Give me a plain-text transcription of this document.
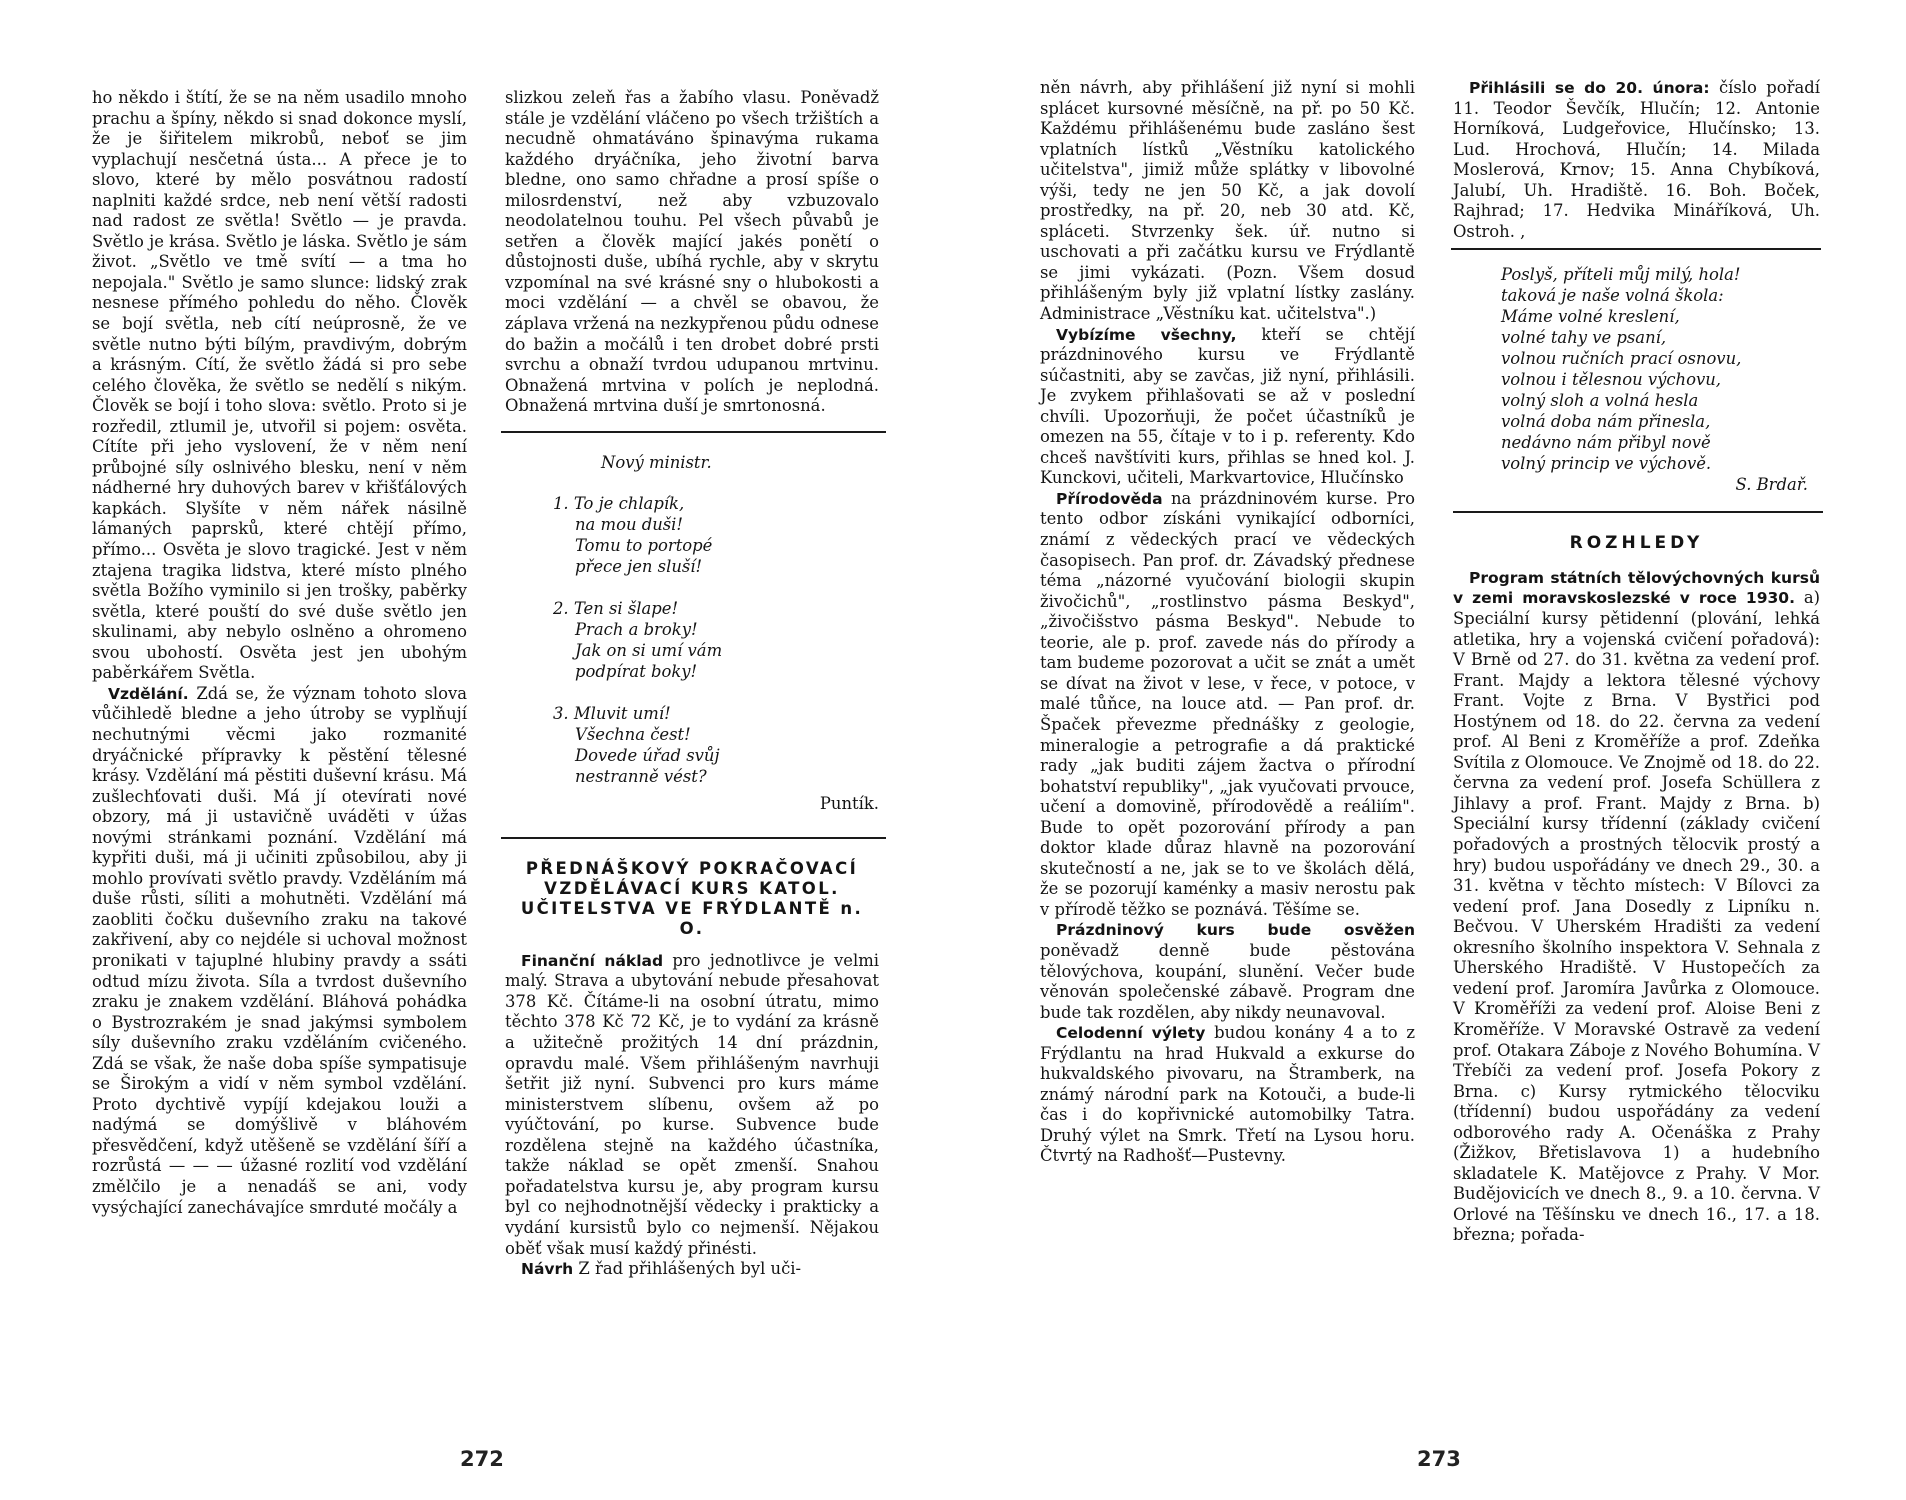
ho někdo i štítí, že se na něm usadilo mnoho prachu a špíny, někdo si snad dokonce myslí, že je šiřitelem mikrobů, neboť se jim vyplachují nesčetná ústa... A přece je to slovo, které by mělo posvátnou radostí naplniti každé srdce, neb není větší radosti nad radost ze světla! Světlo — je pravda. Světlo je krása. Světlo je láska. Světlo je sám život. „Světlo ve tmě svítí — a tma ho nepojala." Světlo je samo slunce: lidský zrak nesnese přímého pohledu do něho. Člověk se bojí světla, neb cítí neúprosně, že ve světle nutno býti bílým, pravdivým, dobrým a krásným. Cítí, že světlo žádá si pro sebe celého člověka, že světlo se nedělí s nikým. Člověk se bojí i toho slova: světlo. Proto si je rozředil, ztlumil je, utvořil si pojem: osvěta. Cítíte při jeho vyslovení, že v něm není průbojné síly oslnivého blesku, není v něm nádherné hry duhových barev v křišťálových kapkách. Slyšíte v něm nářek násilně lámaných paprsků, které chtějí přímo, přímo... Osvěta je slovo tragické. Jest v něm ztajena tragika lidstva, které místo plného světla Božího vyminilo si jen trošky, paběrky světla, které pouští do své duše světlo jen skulinami, aby nebylo oslněno a ohromeno svou ubohostí. Osvěta jest jen ubohým paběrkářem Světla.

Vzdělání. Zdá se, že význam tohoto slova vůčihledě bledne a jeho útroby se vyplňují nechutnými věcmi jako rozmanité dryáčnické přípravky k pěstění tělesné krásy. Vzdělání má pěstiti duševní krásu. Má zušlechťovati duši. Má jí otevírati nové obzory, má ji ustavičně uváděti v úžas novými stránkami poznání. Vzdělání má kypřiti duši, má ji učiniti způsobilou, aby ji mohlo provívati světlo pravdy. Vzděláním má duše růsti, síliti a mohutněti. Vzdělání má zaobliti čočku duševního zraku na takové zakřivení, aby co nejdéle si uchoval možnost pronikati v tajuplné hlubiny pravdy a ssáti odtud mízu života. Síla a tvrdost duševního zraku je znakem vzdělání. Bláhová pohádka o Bystrozrakém je snad jakýmsi symbolem síly duševního zraku vzděláním cvičeného. Zdá se však, že naše doba spíše sympatisuje se Širokým a vidí v něm symbol vzdělání. Proto dychtivě vypíjí kdejakou louži a nadýmá se domýšlivě v bláhovém přesvědčení, když utěšeně se vzdělání šíří a rozrůstá — — — úžasné rozlití vod vzdělání změlčilo je a nenadáš se ani, vody vysýchající zanechávajíce smrduté močály a

slizkou zeleň řas a žabího vlasu. Poněvadž stále je vzdělání vláčeno po všech tržištích a necudně ohmatáváno špinavýma rukama každého dryáčníka, jeho životní barva bledne, ono samo chřadne a prosí spíše o milosrdenství, než aby vzbuzovalo neodolatelnou touhu. Pel všech půvabů je setřen a člověk mající jakés ponětí o důstojnosti duše, ubíhá rychle, aby v skrytu vzpomínal na své krásné sny o hlubokosti a moci vzdělání — a chvěl se obavou, že záplava vržená na nezkypřenou půdu odnese do bažin a močálů i ten drobet dobré prsti svrchu a obnaží tvrdou udupanou mrtvinu. Obnažená mrtvina v polích je neplodná. Obnažená mrtvina duší je smrtonosná.

Nový ministr.
1. To je chlapík,
na mou duši!
Tomu to portopé
přece jen sluší!
2. Ten si šlape!
Prach a broky!
Jak on si umí vám
podpírat boky!
3. Mluvit umí!
Všechna čest!
Dovede úřad svůj
nestranně vést?
Puntík.
PŘEDNÁŠKOVÝ POKRAČOVACÍ VZDĚLÁVACÍ KURS KATOL. UČITELSTVA VE FRÝDLANTĚ n. O.

Finanční náklad pro jednotlivce je velmi malý. Strava a ubytování nebude přesahovat 378 Kč. Čítáme-li na osobní útratu, mimo těchto 378 Kč 72 Kč, je to vydání za krásně a užitečně prožitých 14 dní prázdnin, opravdu malé. Všem přihlášeným navrhuji šetřit již nyní. Subvenci pro kurs máme ministerstvem slíbenu, ovšem až po vyúčtování, po kurse. Subvence bude rozdělena stejně na každého účastníka, takže náklad se opět zmenší. Snahou pořadatelstva kursu je, aby program kursu byl co nejhodnotnější vědecky i prakticky a vydání kursistů bylo co nejmenší. Nějakou oběť však musí každý přinésti.

Návrh Z řad přihlášených byl uči-

272

něn návrh, aby přihlášení již nyní si mohli splácet kursovné měsíčně, na př. po 50 Kč. Každému přihlášenému bude zasláno šest vplatních lístků „Věstníku katolického učitelstva", jimiž může splátky v libovolné výši, tedy ne jen 50 Kč, a jak dovolí prostředky, na př. 20, neb 30 atd. Kč, spláceti. Stvrzenky šek. úř. nutno si uschovati a při začátku kursu ve Frýdlantě se jimi vykázati. (Pozn. Všem dosud přihlášeným byly již vplatní lístky zaslány. Administrace „Věstníku kat. učitelstva".)

Vybízíme všechny, kteří se chtějí prázdninového kursu ve Frýdlantě súčastniti, aby se zavčas, již nyní, přihlásili. Je zvykem přihlašovati se až v poslední chvíli. Upozorňuji, že počet účastníků je omezen na 55, čítaje v to i p. referenty. Kdo chceš navštíviti kurs, přihlas se hned kol. J. Kunckovi, učiteli, Markvartovice, Hlučínsko

Přírodověda na prázdninovém kurse. Pro tento odbor získáni vynikající odborníci, známí z vědeckých prací ve vědeckých časopisech. Pan prof. dr. Závadský přednese téma „názorné vyučování biologii skupin živočichů", „rostlinstvo pásma Beskyd", „živočišstvo pásma Beskyd". Nebude to teorie, ale p. prof. zavede nás do přírody a tam budeme pozorovat a učit se znát a umět se dívat na život v lese, v řece, v potoce, v malé tůňce, na louce atd. — Pan prof. dr. Špaček převezme přednášky z geologie, mineralogie a petrografie a dá praktické rady „jak buditi zájem žactva o přírodní bohatství republiky", „jak vyučovati prvouce, učení a domovině, přírodovědě a reáliím". Bude to opět pozorování přírody a pan doktor klade důraz hlavně na pozorování skutečností a ne, jak se to ve školách dělá, že se pozorují kaménky a masiv nerostu pak v přírodě těžko se poznává. Těšíme se.

Prázdninový kurs bude osvěžen poněvadž denně bude pěstována tělovýchova, koupání, slunění. Večer bude věnován společenské zábavě. Program dne bude tak rozdělen, aby nikdy neunavoval.

Celodenní výlety budou konány 4 a to z Frýdlantu na hrad Hukvald a exkurse do hukvaldského pivovaru, na Štramberk, na známý národní park na Kotouči, a bude-li čas i do kopřivnické automobilky Tatra. Druhý výlet na Smrk. Třetí na Lysou horu. Čtvrtý na Radhošť—Pustevny.

Přihlásili se do 20. února: číslo pořadí 11. Teodor Ševčík, Hlučín; 12. Antonie Horníková, Ludgeřovice, Hlučínsko; 13. Lud. Hrochová, Hlučín; 14. Milada Moslerová, Krnov; 15. Anna Chybíková, Jalubí, Uh. Hradiště. 16. Boh. Boček, Rajhrad; 17. Hedvika Mináříková, Uh. Ostroh. ,

Poslyš, příteli můj milý, hola!
taková je naše volná škola:
Máme volné kreslení,
volné tahy ve psaní,
volnou ručních prací osnovu,
volnou i tělesnou výchovu,
volný sloh a volná hesla
volná doba nám přinesla,
nedávno nám přibyl nově
volný princip ve výchově.
S. Brdař.
ROZHLEDY

Program státních tělovýchovných kursů v zemi moravskoslezské v roce 1930. a) Speciální kursy pětidenní (plování, lehká atletika, hry a vojenská cvičení pořadová): V Brně od 27. do 31. května za vedení prof. Frant. Majdy a lektora tělesné výchovy Frant. Vojte z Brna. V Bystřici pod Hostýnem od 18. do 22. června za vedení prof. Al Beni z Kroměříže a prof. Zdeňka Svítila z Olomouce. Ve Znojmě od 18. do 22. června za vedení prof. Josefa Schüllera z Jihlavy a prof. Frant. Majdy z Brna. b) Speciální kursy třídenní (základy cvičení pořadových a prostných tělocvik prostý a hry) budou uspořádány ve dnech 29., 30. a 31. května v těchto místech: V Bílovci za vedení prof. Jana Dosedly z Lipníku n. Bečvou. V Uherském Hradišti za vedení okresního školního inspektora V. Sehnala z Uherského Hradiště. V Hustopečích za vedení prof. Jaromíra Javůrka z Olomouce. V Kroměříži za vedení prof. Aloise Beni z Kroměříže. V Moravské Ostravě za vedení prof. Otakara Záboje z Nového Bohumína. V Třebíči za vedení prof. Josefa Pokory z Brna. c) Kursy rytmického tělocviku (třídenní) budou uspořádány za vedení odborového rady A. Očenáška z Prahy (Žižkov, Břetislavova 1) a hudebního skladatele K. Matějovce z Prahy. V Mor. Budějovicích ve dnech 8., 9. a 10. června. V Orlové na Těšínsku ve dnech 16., 17. a 18. března; pořada-

273
